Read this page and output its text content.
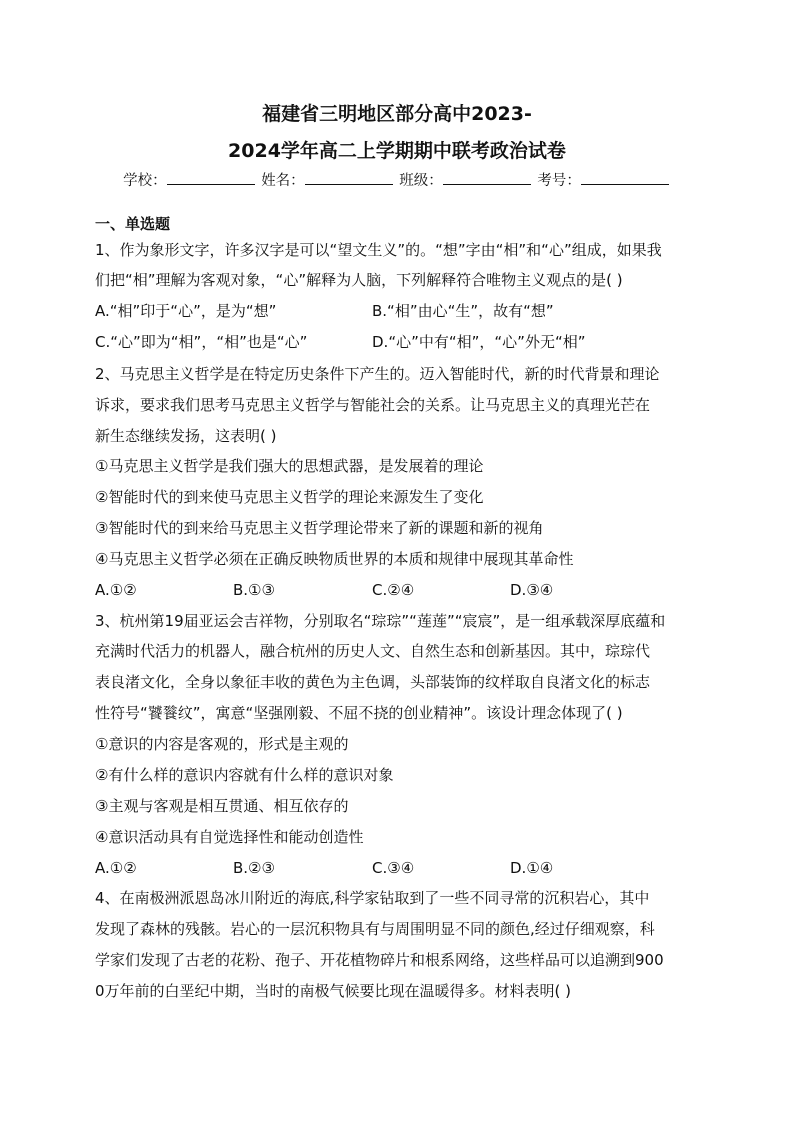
福建省三明地区部分高中2023-
2024学年高二上学期期中联考政治试卷
学校：	姓名：	班级：	考号：
一、单选题
1、作为象形文字，许多汉字是可以“望文生义”的。“想”字由“相”和“心”组成，如果我
们把“相”理解为客观对象，“心”解释为人脑，下列解释符合唯物主义观点的是( )
A.“相”印于“心”，是为“想”	B.“相”由心“生”，故有“想”
C.“心”即为“相”，“相”也是“心”	D.“心”中有“相”，“心”外无“相”
2、马克思主义哲学是在特定历史条件下产生的。迈入智能时代，新的时代背景和理论
诉求，要求我们思考马克思主义哲学与智能社会的关系。让马克思主义的真理光芒在
新生态继续发扬，这表明( )
①马克思主义哲学是我们强大的思想武器，是发展着的理论
②智能时代的到来使马克思主义哲学的理论来源发生了变化
③智能时代的到来给马克思主义哲学理论带来了新的课题和新的视角
④马克思主义哲学必须在正确反映物质世界的本质和规律中展现其革命性
A.①②	B.①③	C.②④	D.③④
3、杭州第19届亚运会吉祥物，分别取名“琮琮”“莲莲”“宸宸”，是一组承载深厚底蕴和
充满时代活力的机器人，融合杭州的历史人文、自然生态和创新基因。其中，琮琮代
表良渚文化，全身以象征丰收的黄色为主色调，头部装饰的纹样取自良渚文化的标志
性符号“饕餮纹”，寓意“坚强刚毅、不屈不挠的创业精神”。该设计理念体现了( )
①意识的内容是客观的，形式是主观的
②有什么样的意识内容就有什么样的意识对象
③主观与客观是相互贯通、相互依存的
④意识活动具有自觉选择性和能动创造性
A.①②	B.②③	C.③④	D.①④
4、在南极洲派恩岛冰川附近的海底,科学家钻取到了一些不同寻常的沉积岩心，其中
发现了森林的残骸。岩心的一层沉积物具有与周围明显不同的颜色,经过仔细观察，科
学家们发现了古老的花粉、孢子、开花植物碎片和根系网络，这些样品可以追溯到900
0万年前的白垩纪中期，当时的南极气候要比现在温暖得多。材料表明( )
